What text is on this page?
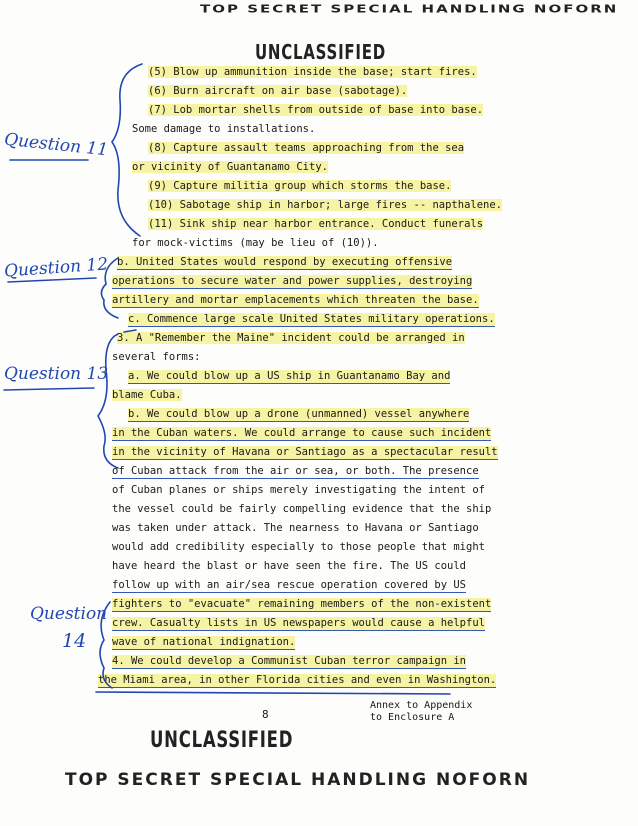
TOP SECRET SPECIAL HANDLING NOFORN
UNCLASSIFIED
(5) Blow up ammunition inside the base; start fires.
(6) Burn aircraft on air base (sabotage).
(7) Lob mortar shells from outside of base into base.
Some damage to installations.
(8) Capture assault teams approaching from the sea
or vicinity of Guantanamo City.
(9) Capture militia group which storms the base.
(10) Sabotage ship in harbor; large fires -- napthalene.
(11) Sink ship near harbor entrance. Conduct funerals
for mock-victims (may be lieu of (10)).
b. United States would respond by executing offensive
operations to secure water and power supplies, destroying
artillery and mortar emplacements which threaten the base.
c. Commence large scale United States military operations.
3. A "Remember the Maine" incident could be arranged in
several forms:
a. We could blow up a US ship in Guantanamo Bay and
blame Cuba.
b. We could blow up a drone (unmanned) vessel anywhere
in the Cuban waters. We could arrange to cause such incident
in the vicinity of Havana or Santiago as a spectacular result
of Cuban attack from the air or sea, or both. The presence
of Cuban planes or ships merely investigating the intent of
the vessel could be fairly compelling evidence that the ship
was taken under attack. The nearness to Havana or Santiago
would add credibility especially to those people that might
have heard the blast or have seen the fire. The US could
follow up with an air/sea rescue operation covered by US
fighters to "evacuate" remaining members of the non-existent
crew. Casualty lists in US newspapers would cause a helpful
wave of national indignation.
4. We could develop a Communist Cuban terror campaign in
the Miami area, in other Florida cities and even in Washington.
Question 11
Question 12
Question 13
Question
14
8
Annex to Appendix
to Enclosure A
UNCLASSIFIED
TOP SECRET SPECIAL HANDLING NOFORN
